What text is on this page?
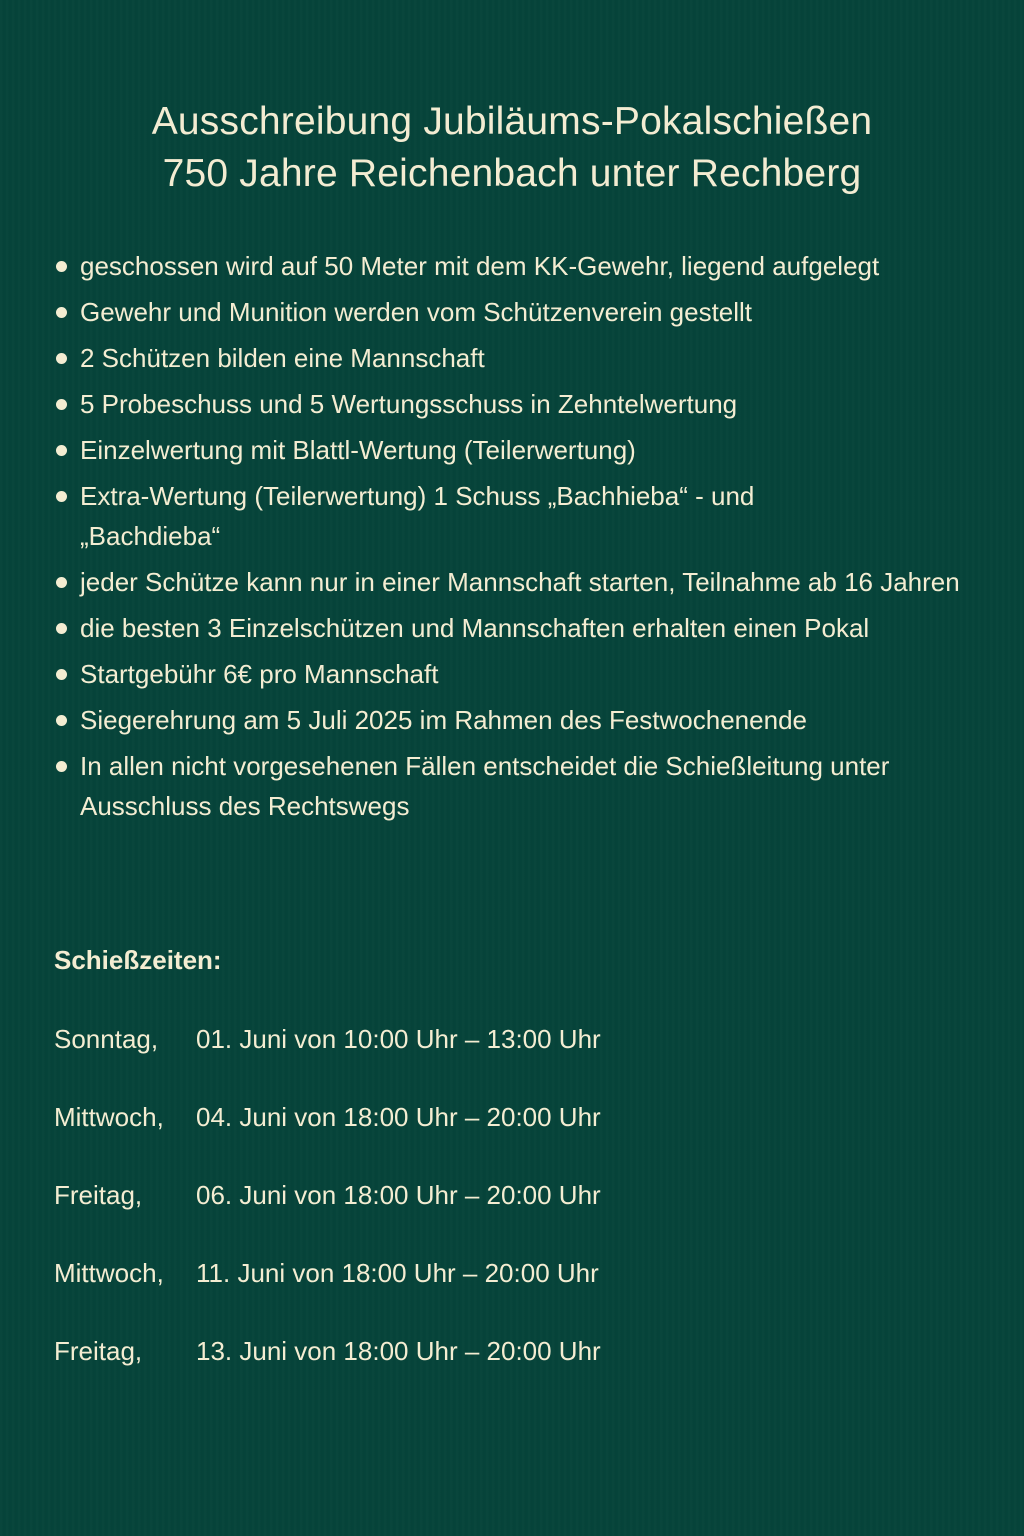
Ausschreibung Jubiläums-Pokalschießen
750 Jahre Reichenbach unter Rechberg
geschossen wird auf 50 Meter mit dem KK-Gewehr, liegend aufgelegt
Gewehr und Munition werden vom Schützenverein gestellt
2 Schützen bilden eine Mannschaft
5 Probeschuss und 5 Wertungsschuss in Zehntelwertung
Einzelwertung mit Blattl-Wertung (Teilerwertung)
Extra-Wertung (Teilerwertung) 1 Schuss „Bachhieba“ - und „Bachdieba“
jeder Schütze kann nur in einer Mannschaft starten, Teilnahme ab 16 Jahren
die besten 3 Einzelschützen und Mannschaften erhalten einen Pokal
Startgebühr 6€ pro Mannschaft
Siegerehrung am 5 Juli 2025 im Rahmen des Festwochenende
In allen nicht vorgesehenen Fällen entscheidet die Schießleitung unter Ausschluss des Rechtswegs
Schießzeiten:
Sonntag, 01. Juni von 10:00 Uhr – 13:00 Uhr
Mittwoch, 04. Juni von 18:00 Uhr – 20:00 Uhr
Freitag, 06. Juni von 18:00 Uhr – 20:00 Uhr
Mittwoch, 11. Juni von 18:00 Uhr – 20:00 Uhr
Freitag, 13. Juni von 18:00 Uhr – 20:00 Uhr
